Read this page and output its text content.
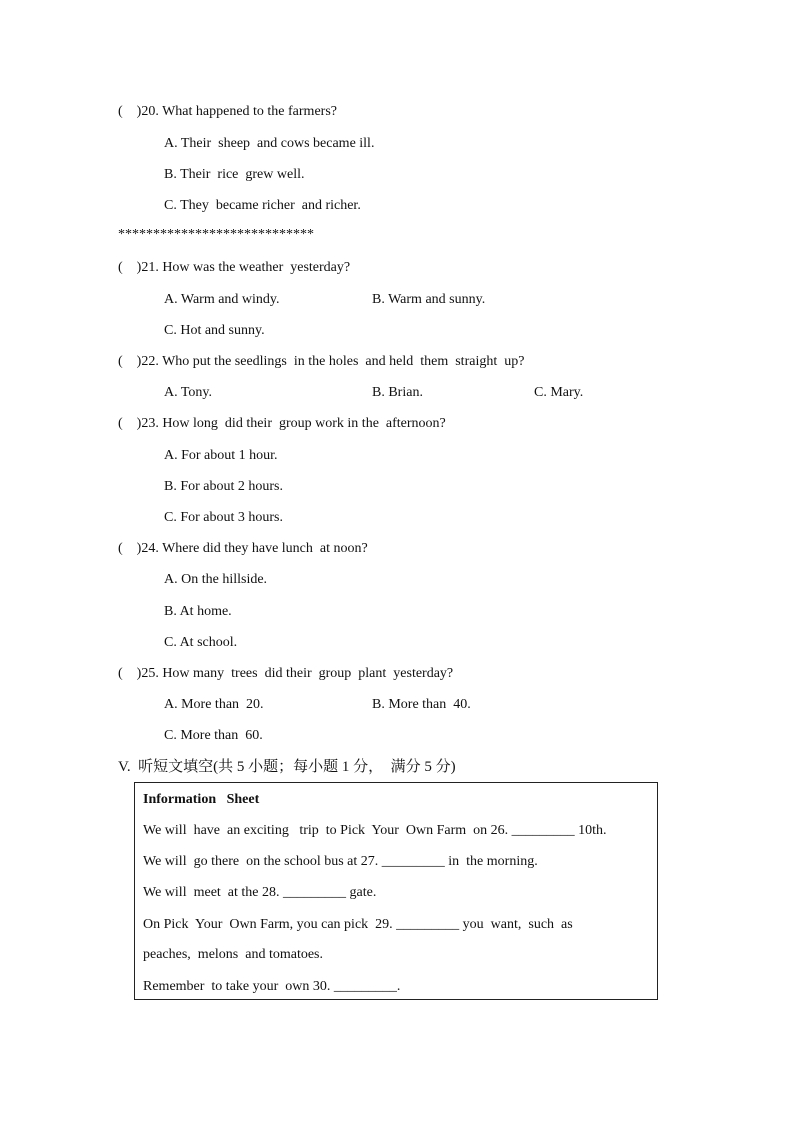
(    )20. What happened to the farmers?
A. Their  sheep  and cows became ill.
B. Their  rice  grew well.
C. They  became richer  and richer.
****************************
(    )21. How was the weather  yesterday?
A. Warm and windy.	B. Warm and sunny.
C. Hot and sunny.
(    )22. Who put the seedlings  in the holes  and held  them  straight  up?
A. Tony.	B. Brian.	C. Mary.
(    )23. How long  did their  group work in the  afternoon?
A. For about 1 hour.
B. For about 2 hours.
C. For about 3 hours.
(    )24. Where did they have lunch  at noon?
A. On the hillside.
B. At home.
C. At school.
(    )25. How many  trees  did their  group  plant  yesterday?
A. More than  20.	B. More than  40.
C. More than  60.
V.  听短文填空(共 5 小题；每小题 1 分，  满分 5 分)
Information   Sheet
We will  have  an exciting   trip  to Pick  Your  Own Farm  on 26. _________ 10th.
We will  go there  on the school bus at 27. _________ in  the morning.
We will  meet  at the 28. _________ gate.
On Pick  Your  Own Farm, you can pick  29. _________ you  want,  such  as
peaches,  melons  and tomatoes.
Remember  to take your  own 30. _________.
